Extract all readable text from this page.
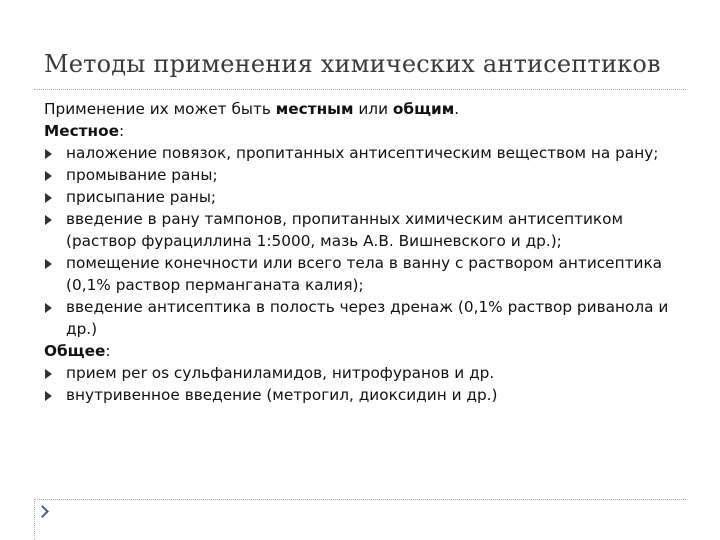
Методы применения химических антисептиков

Применение их может быть местным или общим.

Местное:

наложение повязок, пропитанных антисептическим веществом на рану;
промывание раны;
присыпание раны;
введение в рану тампонов, пропитанных химическим антисептиком (раствор фурациллина 1:5000, мазь А.В. Вишневского и др.);
помещение конечности или всего тела в ванну с раствором антисептика (0,1% раствор перманганата калия);
введение антисептика в полость через дренаж (0,1% раствор риванола и др.)

Общее:

прием per os сульфаниламидов, нитрофуранов и др.
внутривенное введение (метрогил, диоксидин и др.)
